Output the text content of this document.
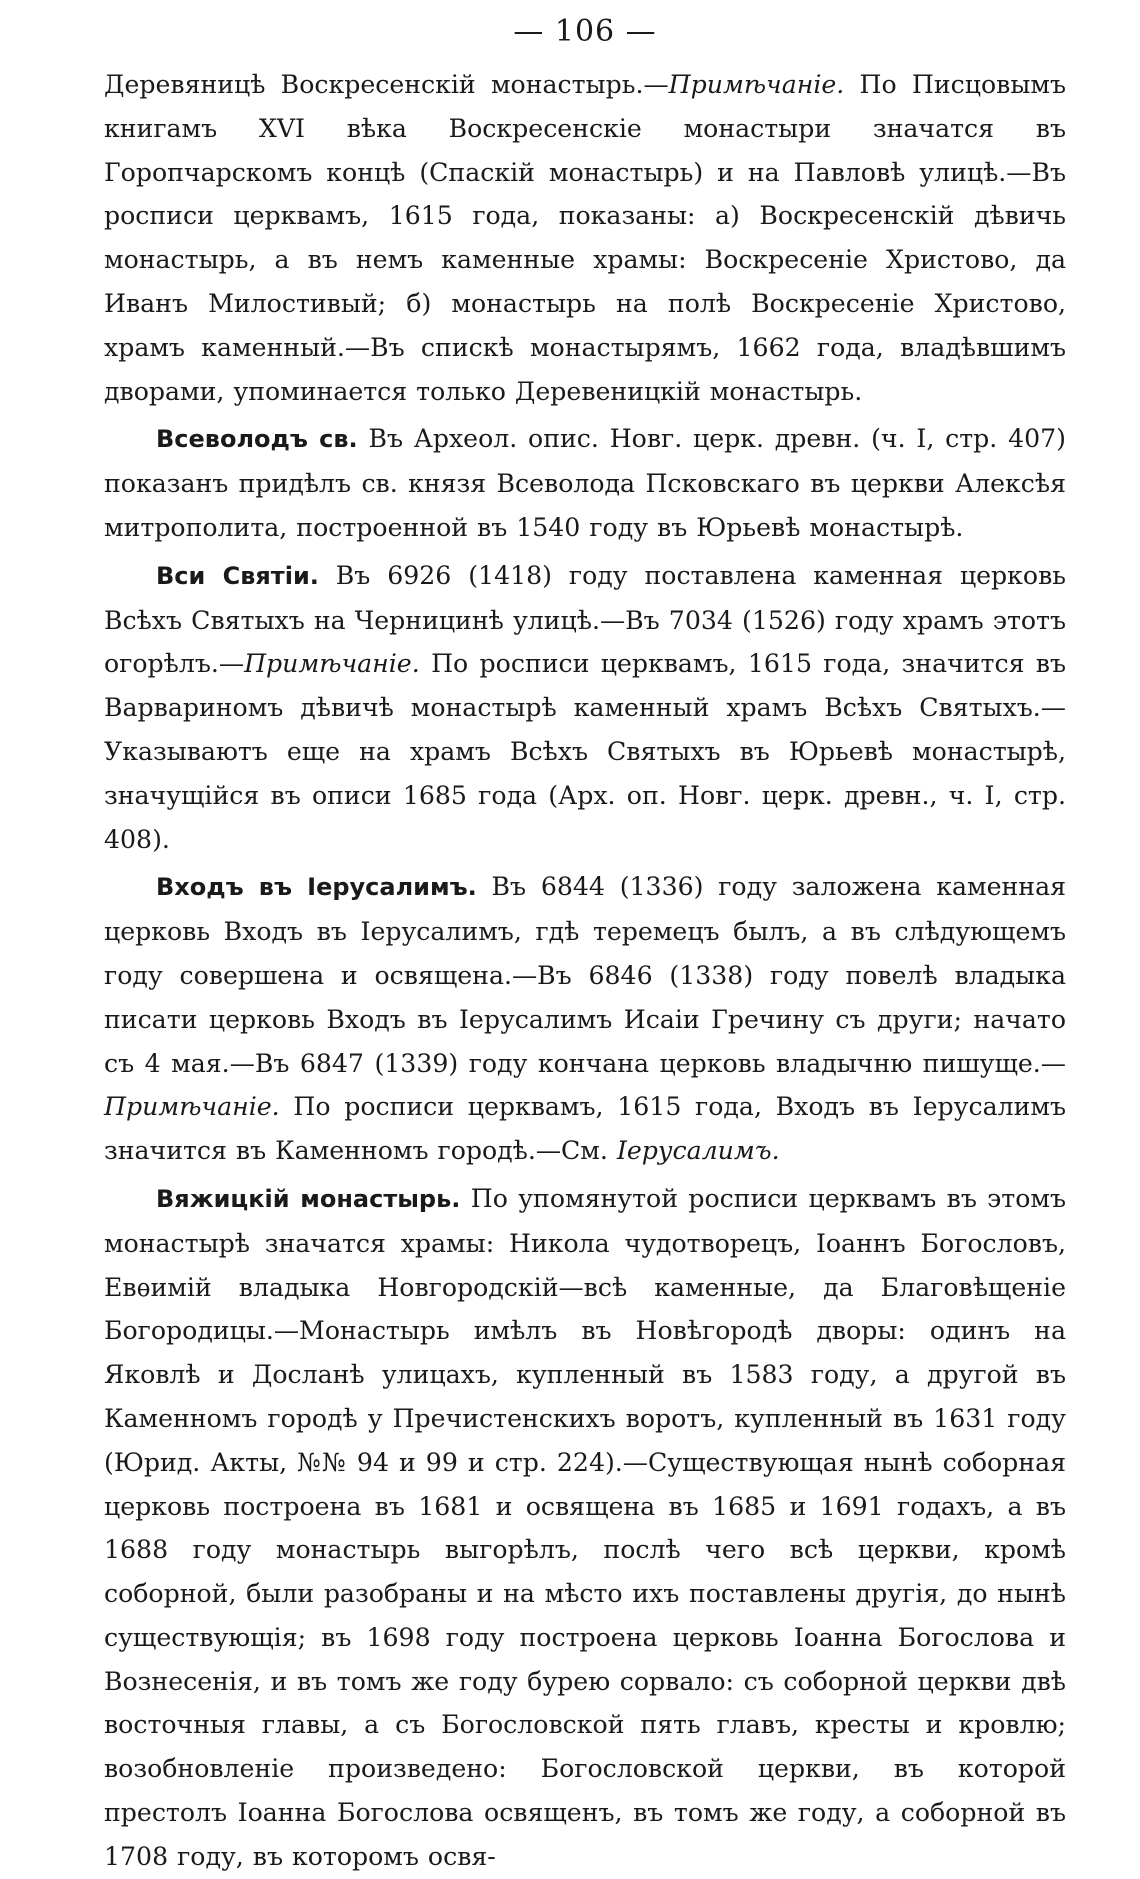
— 106 —

Деревяницѣ Воскресенскій монастырь.—Примѣчаніе. По Писцовымъ книгамъ XVI вѣка Воскресенскіе монастыри значатся въ Горопчарскомъ концѣ (Спаскій монастырь) и на Павловѣ улицѣ.—Въ росписи церквамъ, 1615 года, показаны: а) Воскресенскій дѣвичь монастырь, а въ немъ каменные храмы: Воскресеніе Христово, да Иванъ Милостивый; б) монастырь на полѣ Воскресеніе Христово, храмъ каменный.—Въ спискѣ монастырямъ, 1662 года, владѣвшимъ дворами, упоминается только Деревеницкій монастырь.

Всеволодъ св. Въ Археол. опис. Новг. церк. древн. (ч. I, стр. 407) показанъ придѣлъ св. князя Всеволода Псковскаго въ церкви Алексѣя митрополита, построенной въ 1540 году въ Юрьевѣ монастырѣ.

Вси Святіи. Въ 6926 (1418) году поставлена каменная церковь Всѣхъ Святыхъ на Черницинѣ улицѣ.—Въ 7034 (1526) году храмъ этотъ огорѣлъ.—Примѣчаніе. По росписи церквамъ, 1615 года, значится въ Варвариномъ дѣвичѣ монастырѣ каменный храмъ Всѣхъ Святыхъ.—Указываютъ еще на храмъ Всѣхъ Святыхъ въ Юрьевѣ монастырѣ, значущійся въ описи 1685 года (Арх. оп. Новг. церк. древн., ч. I, стр. 408).

Входъ въ Іерусалимъ. Въ 6844 (1336) году заложена каменная церковь Входъ въ Іерусалимъ, гдѣ теремецъ былъ, а въ слѣдующемъ году совершена и освящена.—Въ 6846 (1338) году повелѣ владыка писати церковь Входъ въ Іерусалимъ Исаіи Гречину съ други; начато съ 4 мая.—Въ 6847 (1339) году кончана церковь владычню пишуще.—Примѣчаніе. По росписи церквамъ, 1615 года, Входъ въ Іерусалимъ значится въ Каменномъ городѣ.—См. Іерусалимъ.

Вяжицкій монастырь. По упомянутой росписи церквамъ въ этомъ монастырѣ значатся храмы: Никола чудотворецъ, Іоаннъ Богословъ, Евѳимій владыка Новгородскій—всѣ каменные, да Благовѣщеніе Богородицы.—Монастырь имѣлъ въ Новѣгородѣ дворы: одинъ на Яковлѣ и Досланѣ улицахъ, купленный въ 1583 году, а другой въ Каменномъ городѣ у Пречистенскихъ воротъ, купленный въ 1631 году (Юрид. Акты, №№ 94 и 99 и стр. 224).—Существующая нынѣ соборная церковь построена въ 1681 и освящена въ 1685 и 1691 годахъ, а въ 1688 году монастырь выгорѣлъ, послѣ чего всѣ церкви, кромѣ соборной, были разобраны и на мѣсто ихъ поставлены другія, до нынѣ существующія; въ 1698 году построена церковь Іоанна Богослова и Вознесенія, и въ томъ же году бурею сорвало: съ соборной церкви двѣ восточныя главы, а съ Богословской пять главъ, кресты и кровлю; возобновленіе произведено: Богословской церкви, въ которой престолъ Іоанна Богослова освященъ, въ томъ же году, а соборной въ 1708 году, въ которомъ освя-
